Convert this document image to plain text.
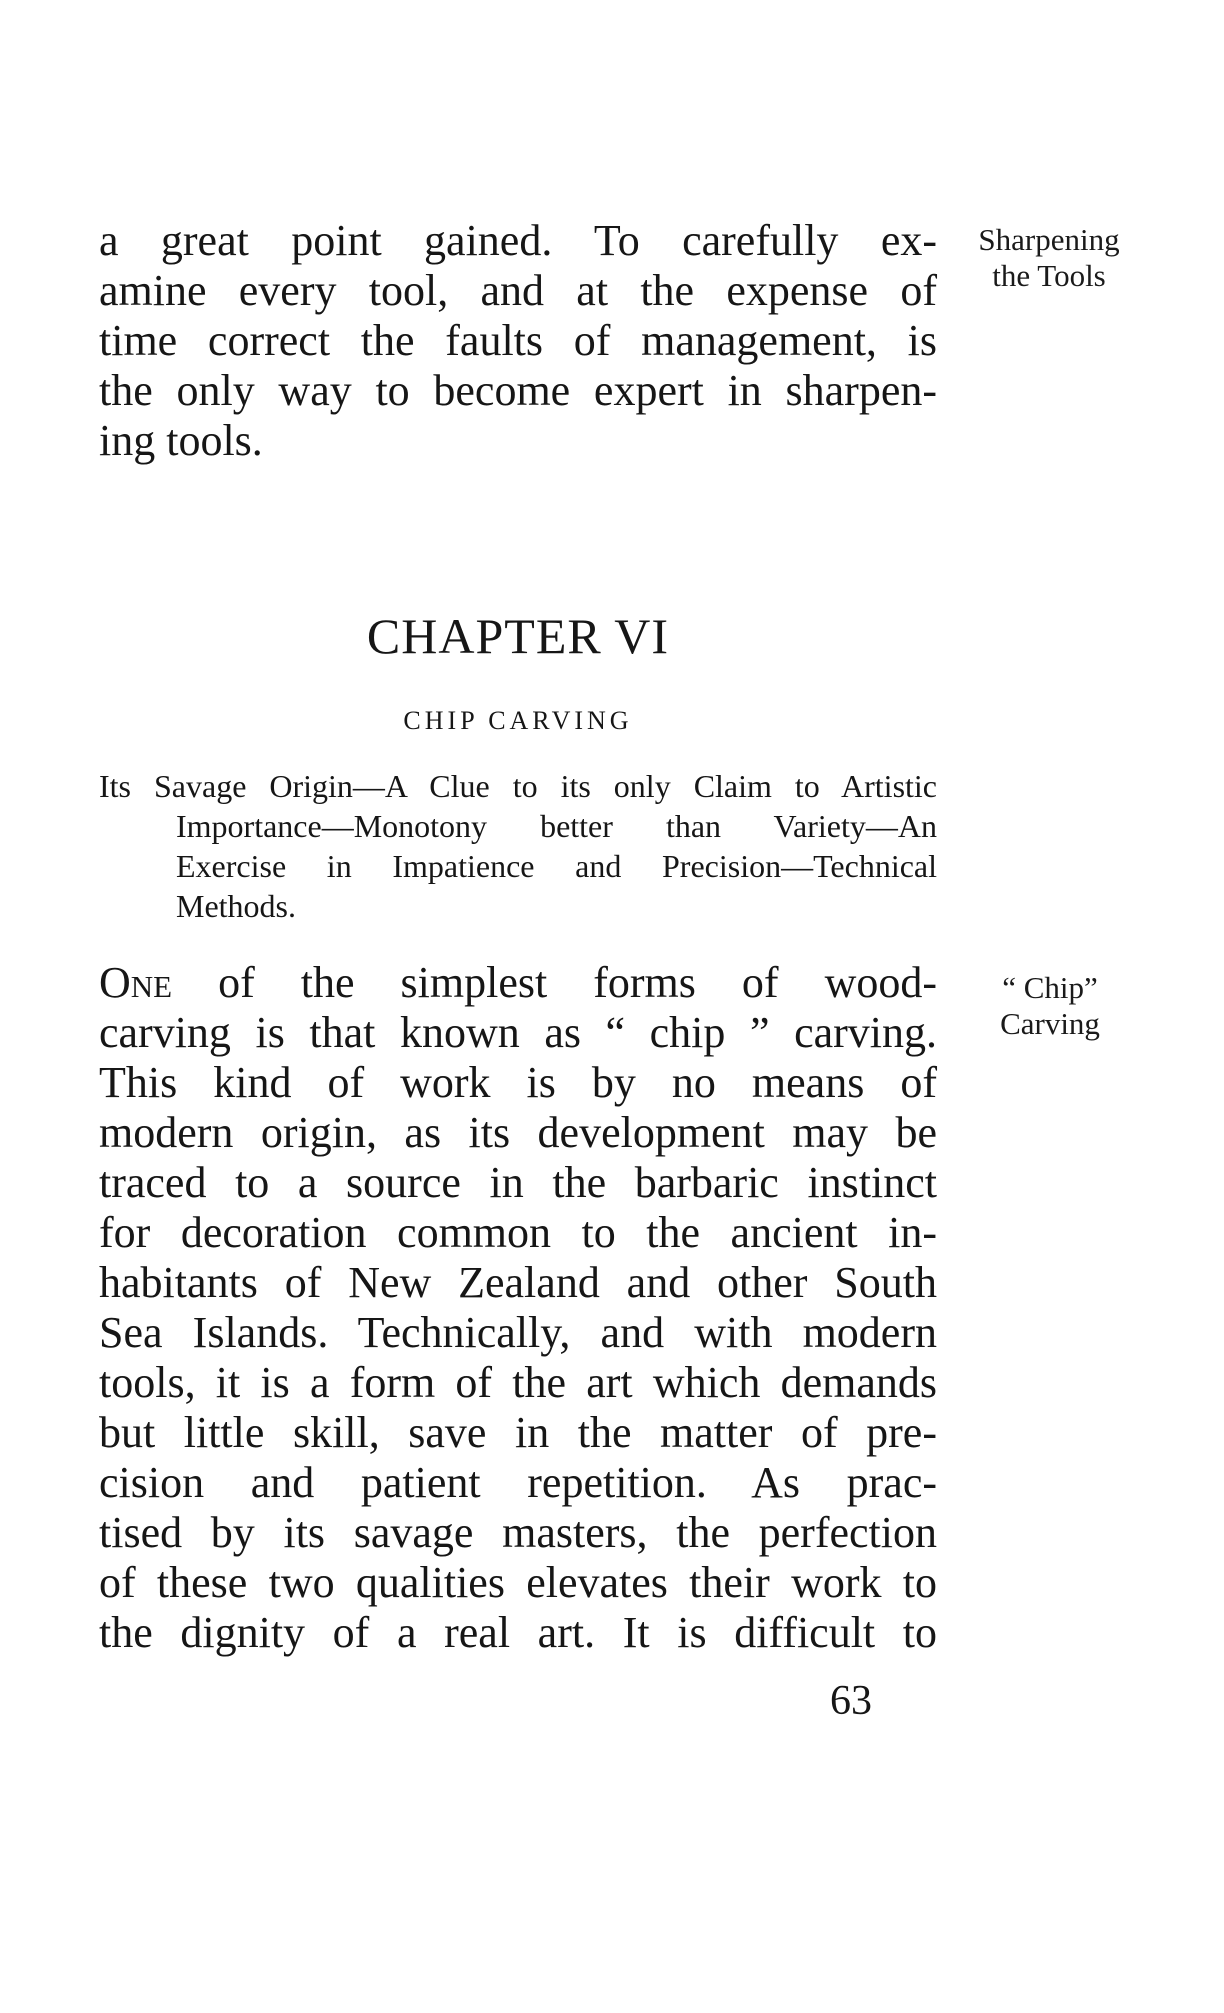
a great point gained. To carefully ex-
amine every tool, and at the expense of
time correct the faults of management, is
the only way to become expert in sharpen-
ing tools.
Sharpening
the Tools
CHAPTER VI
CHIP CARVING
Its Savage Origin—A Clue to its only Claim to Artistic
Importance—Monotony better than Variety—An
Exercise in Impatience and Precision—Technical
Methods.
One of the simplest forms of wood-
carving is that known as “ chip ” carving.
This kind of work is by no means of
modern origin, as its development may be
traced to a source in the barbaric instinct
for decoration common to the ancient in-
habitants of New Zealand and other South
Sea Islands. Technically, and with modern
tools, it is a form of the art which demands
but little skill, save in the matter of pre-
cision and patient repetition. As prac-
tised by its savage masters, the perfection
of these two qualities elevates their work to
the dignity of a real art. It is difficult to
“ Chip”
Carving
63
